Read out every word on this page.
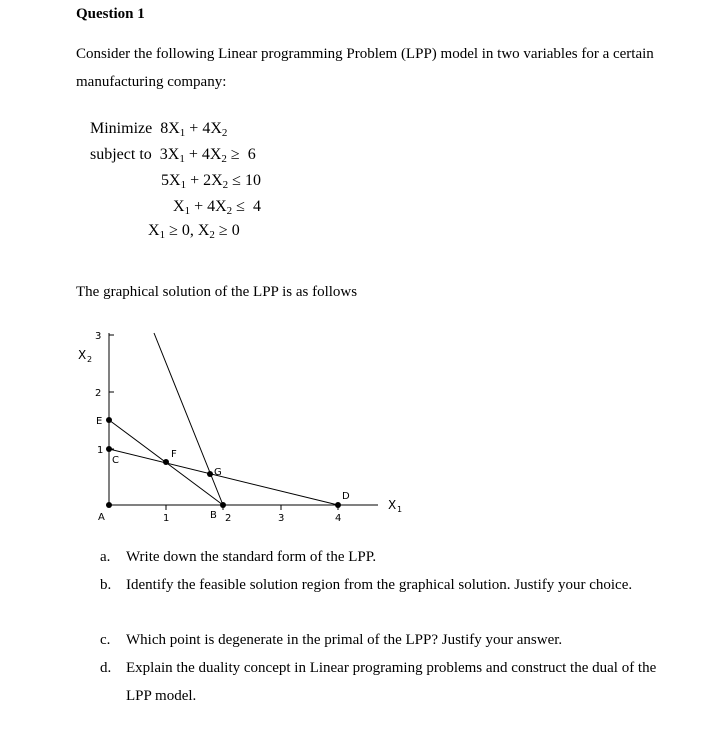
Question 1
Consider the following Linear programming Problem (LPP) model in two variables for a certain
manufacturing company:
Minimize 8X1 + 4X2
subject to 3X1 + 4X2 ≥ 6
5X1 + 2X2 ≤ 10
X1 + 4X2 ≤ 4
X1 ≥ 0, X2 ≥ 0
The graphical solution of the LPP is as follows
3
2
1
1	2	3	4
X 2
X 1
A	B
C
D
E
F
G
a. Write down the standard form of the LPP.
b. Identify the feasible solution region from the graphical solution. Justify your choice.
c. Which point is degenerate in the primal of the LPP? Justify your answer.
d. Explain the duality concept in Linear programing problems and construct the dual of the
LPP model.
